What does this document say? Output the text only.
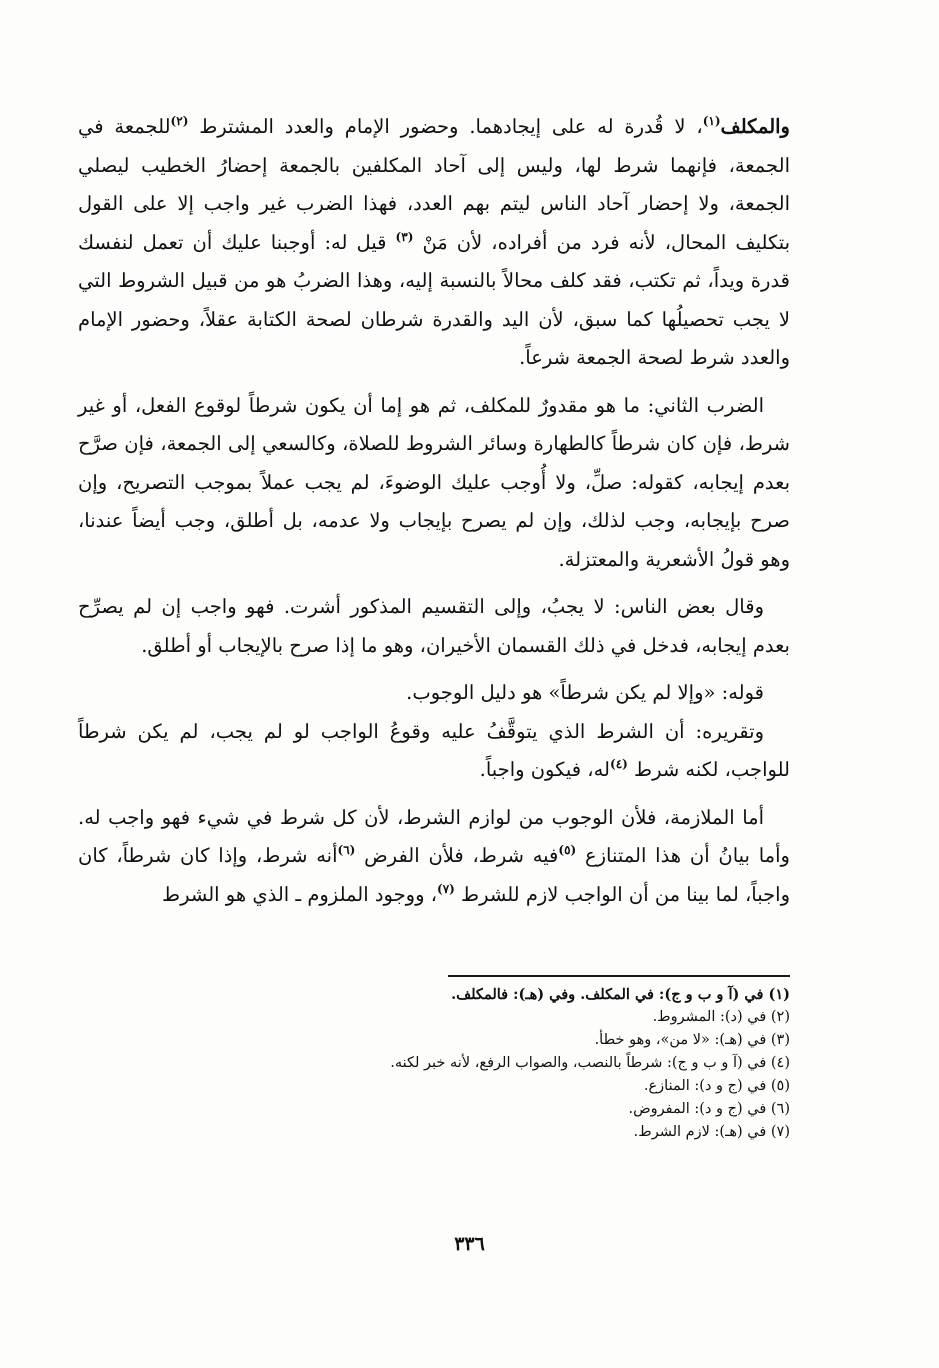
والمكلف$^{(١)}$، لا قُدرة له على إيجادهما. وحضور الإمام والعدد المشترط $^{(٢)}$للجمعة في الجمعة، فإنهما شرط لها، وليس إلى آحاد المكلفين بالجمعة إحضارُ الخطيب ليصلي الجمعة، ولا إحضار آحاد الناس ليتم بهم العدد، فهذا الضرب غير واجب إلا على القول بتكليف المحال، لأنه فرد من أفراده، لأن مَنْ $^{(٣)}$ قيل له: أوجبنا عليك أن تعمل لنفسك قدرة ويداً، ثم تكتب، فقد كلف محالاً بالنسبة إليه، وهذا الضربُ هو من قبيل الشروط التي لا يجب تحصيلُها كما سبق، لأن اليد والقدرة شرطان لصحة الكتابة عقلاً، وحضور الإمام والعدد شرط لصحة الجمعة شرعاً.

الضرب الثاني: ما هو مقدورٌ للمكلف، ثم هو إما أن يكون شرطاً لوقوع الفعل، أو غير شرط، فإن كان شرطاً كالطهارة وسائر الشروط للصلاة، وكالسعي إلى الجمعة، فإن صرَّح بعدم إيجابه، كقوله: صلِّ، ولا أُوجب عليك الوضوءَ، لم يجب عملاً بموجب التصريح، وإن صرح بإيجابه، وجب لذلك، وإن لم يصرح بإيجاب ولا عدمه، بل أطلق، وجب أيضاً عندنا، وهو قولُ الأشعرية والمعتزلة.

وقال بعض الناس: لا يجبُ، وإلى التقسيم المذكور أشرت. فهو واجب إن لم يصرِّح بعدم إيجابه، فدخل في ذلك القسمان الأخيران، وهو ما إذا صرح بالإيجاب أو أطلق.

قوله: «وإلا لم يكن شرطاً» هو دليل الوجوب.

وتقريره: أن الشرط الذي يتوقَّفُ عليه وقوعُ الواجب لو لم يجب، لم يكن شرطاً للواجب، لكنه شرط $^{(٤)}$له، فيكون واجباً.

أما الملازمة، فلأن الوجوب من لوازم الشرط، لأن كل شرط في شيء فهو واجب له. وأما بيانُ أن هذا المتنازع $^{(٥)}$فيه شرط، فلأن الفرض $^{(٦)}$أنه شرط، وإذا كان شرطاً، كان واجباً، لما بينا من أن الواجب لازم للشرط $^{(٧)}$، ووجود الملزوم ـ الذي هو الشرط

(١) في (آ و ب و ج): في المكلف. وفي (هـ): فالمكلف.

(٢) في (د): المشروط.

(٣) في (هـ): «لا من»، وهو خطأ.

(٤) في (آ و ب و ج): شرطاً بالنصب، والصواب الرفع، لأنه خبر لكنه.

(٥) في (ج و د): المنازع.

(٦) في (ج و د): المفروض.

(٧) في (هـ): لازم الشرط.

٣٣٦
